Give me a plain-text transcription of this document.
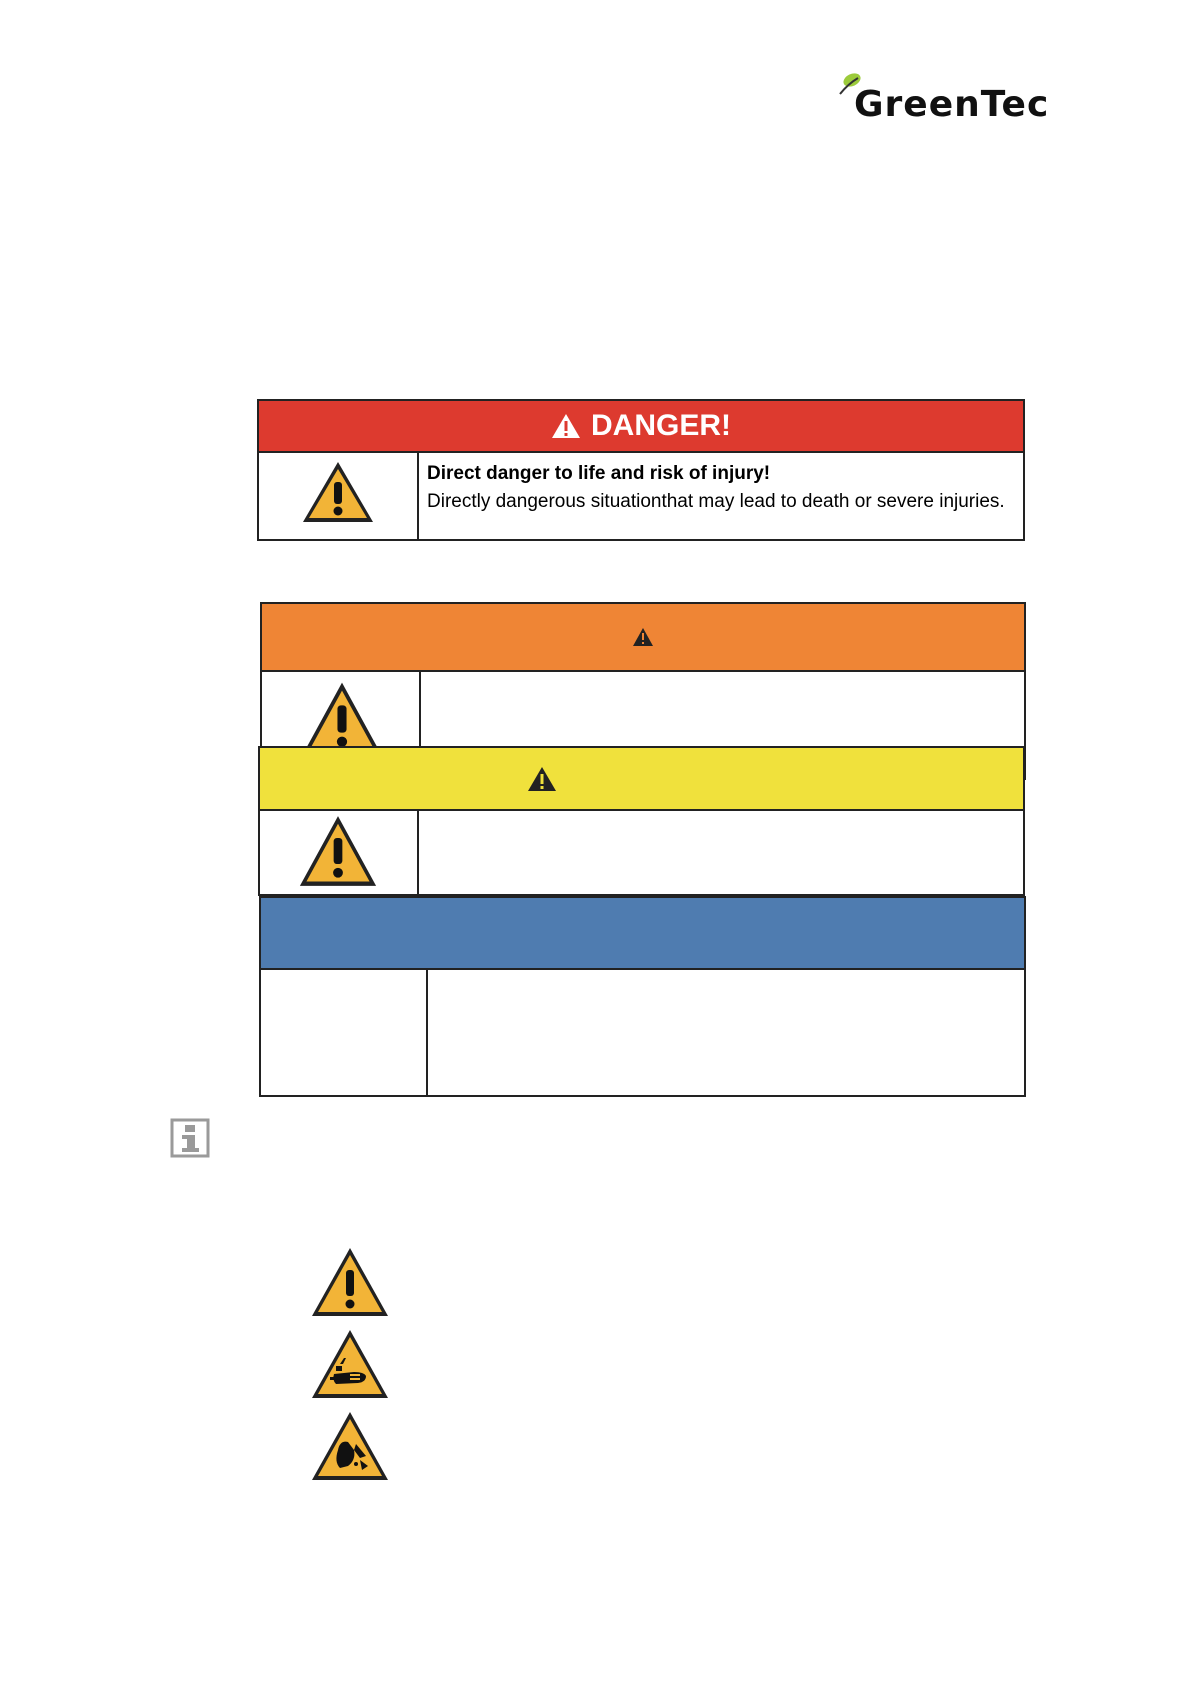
GreenTec
DANGER!
Direct danger to life and risk of injury!
Directly dangerous situationthat may lead to death or severe injuries.
